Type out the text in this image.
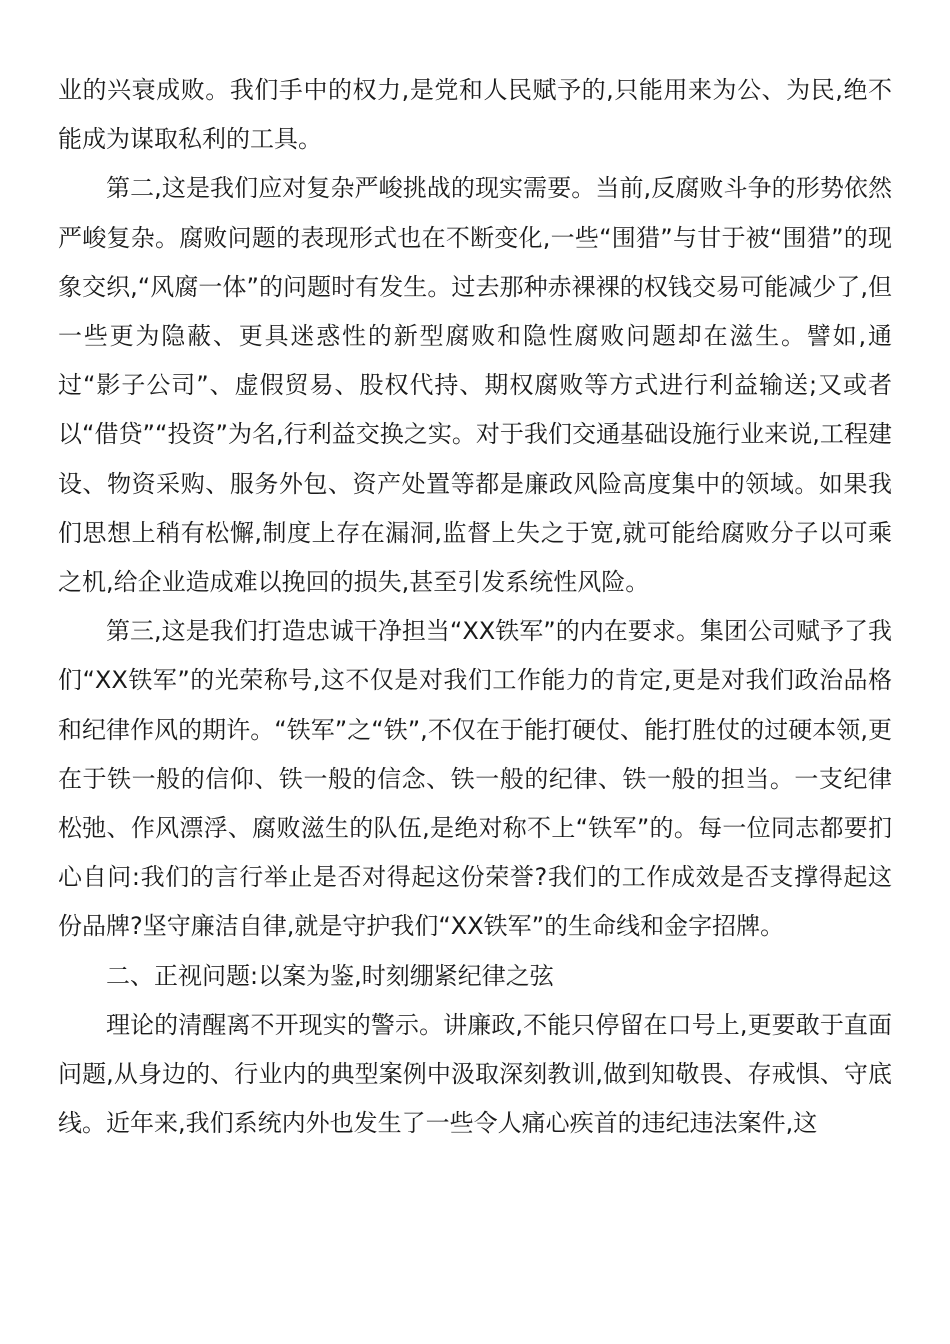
业的兴衰成败。我们手中的权力,是党和人民赋予的,只能用来为公、为民,绝不能成为谋取私利的工具。

第二,这是我们应对复杂严峻挑战的现实需要。当前,反腐败斗争的形势依然严峻复杂。腐败问题的表现形式也在不断变化,一些“围猎”与甘于被“围猎”的现象交织,“风腐一体”的问题时有发生。过去那种赤裸裸的权钱交易可能减少了,但一些更为隐蔽、更具迷惑性的新型腐败和隐性腐败问题却在滋生。譬如,通过“影子公司”、虚假贸易、股权代持、期权腐败等方式进行利益输送;又或者以“借贷”“投资”为名,行利益交换之实。对于我们交通基础设施行业来说,工程建设、物资采购、服务外包、资产处置等都是廉政风险高度集中的领域。如果我们思想上稍有松懈,制度上存在漏洞,监督上失之于宽,就可能给腐败分子以可乘之机,给企业造成难以挽回的损失,甚至引发系统性风险。

第三,这是我们打造忠诚干净担当“XX铁军”的内在要求。集团公司赋予了我们“XX铁军”的光荣称号,这不仅是对我们工作能力的肯定,更是对我们政治品格和纪律作风的期许。“铁军”之“铁”,不仅在于能打硬仗、能打胜仗的过硬本领,更在于铁一般的信仰、铁一般的信念、铁一般的纪律、铁一般的担当。一支纪律松弛、作风漂浮、腐败滋生的队伍,是绝对称不上“铁军”的。每一位同志都要扪心自问:我们的言行举止是否对得起这份荣誉?我们的工作成效是否支撑得起这份品牌?坚守廉洁自律,就是守护我们“XX铁军”的生命线和金字招牌。

二、正视问题:以案为鉴,时刻绷紧纪律之弦

理论的清醒离不开现实的警示。讲廉政,不能只停留在口号上,更要敢于直面问题,从身边的、行业内的典型案例中汲取深刻教训,做到知敬畏、存戒惧、守底线。近年来,我们系统内外也发生了一些令人痛心疾首的违纪违法案件,这
